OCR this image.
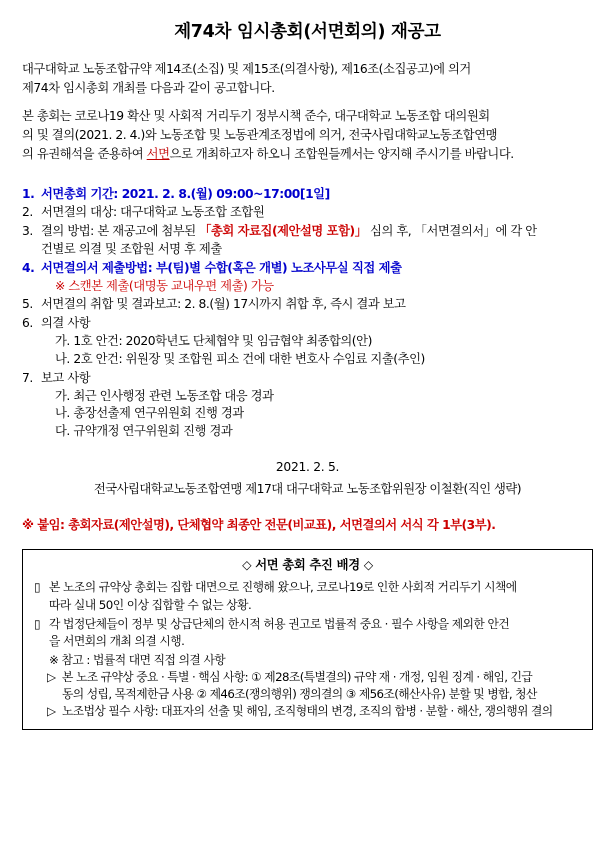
제74차 임시총회(서면회의) 재공고
대구대학교 노동조합규약 제14조(소집) 및 제15조(의결사항), 제16조(소집공고)에 의거
제74차 임시총회 개최를 다음과 같이 공고합니다.
본 총회는 코로나19 확산 및 사회적 거리두기 정부시책 준수, 대구대학교 노동조합 대의원회
의 및 결의(2021. 2. 4.)와 노동조합 및 노동관계조정법에 의거, 전국사립대학교노동조합연맹
의 유권해석을 준용하여 서면으로 개최하고자 하오니 조합원들께서는 양지해 주시기를 바랍니다.
1. 서면총회 기간: 2021. 2. 8.(월) 09:00~17:00[1일]
2. 서면결의 대상: 대구대학교 노동조합 조합원
3. 결의 방법: 본 재공고에 첨부된 「총회 자료집(제안설명 포함)」 심의 후, 「서면결의서」에 각 안
건별로 의결 및 조합원 서명 후 제출
4. 서면결의서 제출방법: 부(팀)별 수합(혹은 개별) 노조사무실 직접 제출
※ 스캔본 제출(대명동 교내우편 제출) 가능
5. 서면결의 취합 및 결과보고: 2. 8.(월) 17시까지 취합 후, 즉시 결과 보고
6. 의결 사항
가. 1호 안건: 2020학년도 단체협약 및 임금협약 최종합의(안)
나. 2호 안건: 위원장 및 조합원 피소 건에 대한 변호사 수임료 지출(추인)
7. 보고 사항
가. 최근 인사행정 관련 노동조합 대응 경과
나. 총장선출제 연구위원회 진행 경과
다. 규약개정 연구위원회 진행 경과
2021. 2. 5.
전국사립대학교노동조합연맹 제17대 대구대학교 노동조합위원장 이철환(직인 생략)
※ 붙임: 총회자료(제안설명), 단체협약 최종안 전문(비교표), 서면결의서 서식 각 1부(3부).
◇ 서면 총회 추진 배경 ◇
▯ 본 노조의 규약상 총회는 집합 대면으로 진행해 왔으나, 코로나19로 인한 사회적 거리두기 시책에
따라 실내 50인 이상 집합할 수 없는 상황.
▯ 각 법정단체들이 정부 및 상급단체의 한시적 허용 권고로 법률적 중요 · 필수 사항을 제외한 안건
을 서면회의 개최 의결 시행.
※ 참고 : 법률적 대면 직접 의결 사항
▷ 본 노조 규약상 중요 · 특별 · 핵심 사항: ① 제28조(특별결의) 규약 재 · 개정, 임원 징계 · 해임, 긴급
동의 성립, 목적제한금 사용 ② 제46조(쟁의행위) 쟁의결의 ③ 제56조(해산사유) 분할 및 병합, 청산
▷ 노조법상 필수 사항: 대표자의 선출 및 해임, 조직형태의 변경, 조직의 합병 · 분할 · 해산, 쟁의행위 결의
